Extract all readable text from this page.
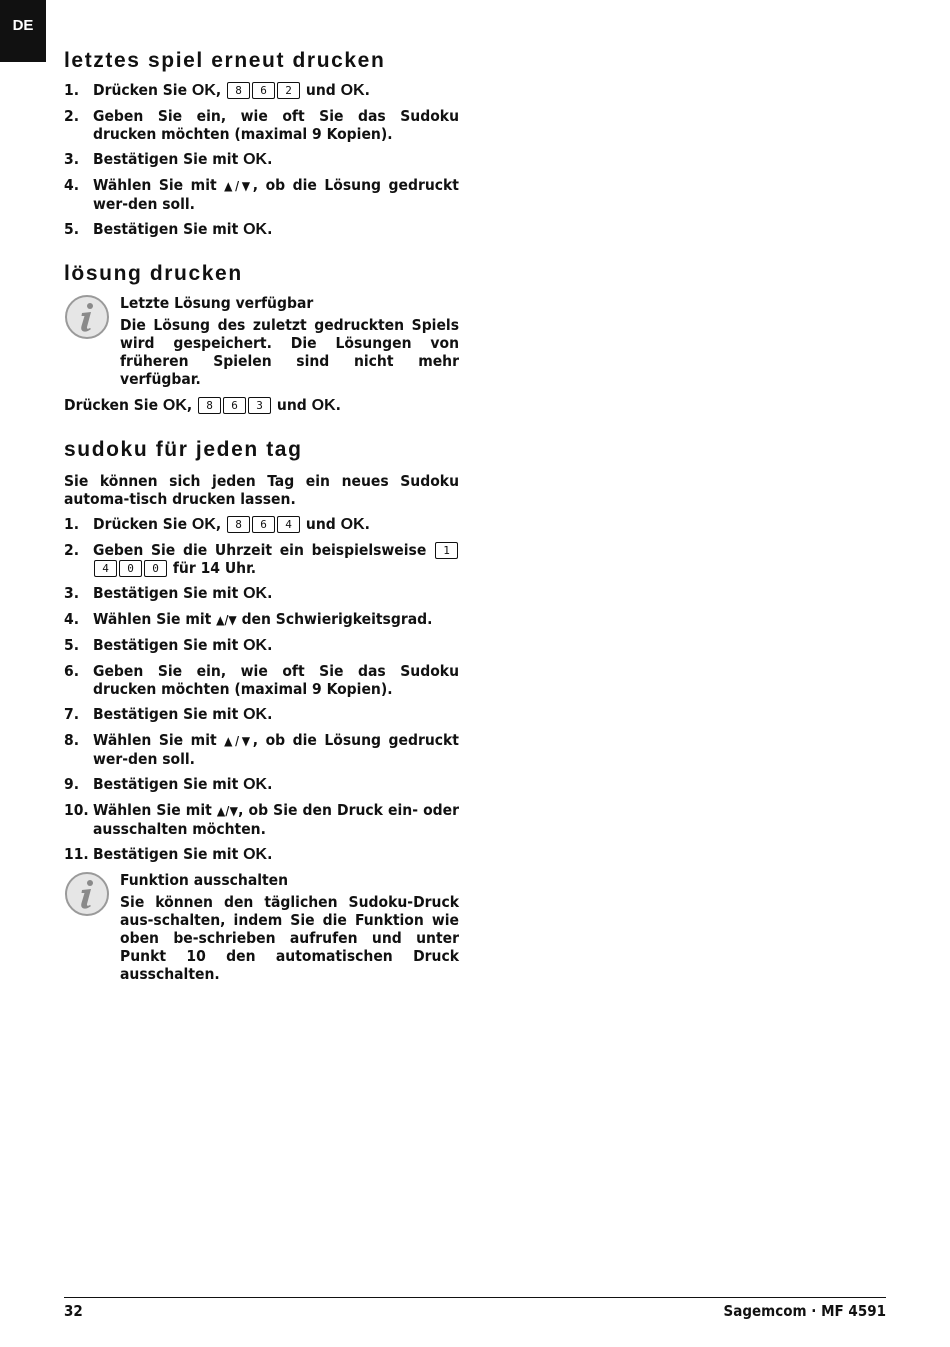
DE
letztes spiel erneut drucken
1. Drücken Sie OK, 8 6 2 und OK.
2. Geben Sie ein, wie oft Sie das Sudoku drucken möchten (maximal 9 Kopien).
3. Bestätigen Sie mit OK.
4. Wählen Sie mit ▲/▼, ob die Lösung gedruckt wer-den soll.
5. Bestätigen Sie mit OK.
lösung drucken
Letzte Lösung verfügbar
Die Lösung des zuletzt gedruckten Spiels wird gespeichert. Die Lösungen von früheren Spielen sind nicht mehr verfügbar.
Drücken Sie OK, 8 6 3 und OK.
sudoku für jeden tag
Sie können sich jeden Tag ein neues Sudoku automa-tisch drucken lassen.
1. Drücken Sie OK, 8 6 4 und OK.
2. Geben Sie die Uhrzeit ein beispielsweise 14 0 0 für 14 Uhr.
3. Bestätigen Sie mit OK.
4. Wählen Sie mit ▲/▼ den Schwierigkeitsgrad.
5. Bestätigen Sie mit OK.
6. Geben Sie ein, wie oft Sie das Sudoku drucken möchten (maximal 9 Kopien).
7. Bestätigen Sie mit OK.
8. Wählen Sie mit ▲/▼, ob die Lösung gedruckt wer-den soll.
9. Bestätigen Sie mit OK.
10. Wählen Sie mit ▲/▼, ob Sie den Druck ein- oder ausschalten möchten.
11. Bestätigen Sie mit OK.
Funktion ausschalten
Sie können den täglichen Sudoku-Druck aus-schalten, indem Sie die Funktion wie oben be-schrieben aufrufen und unter Punkt 10 den automatischen Druck ausschalten.
32	Sagemcom · MF 4591
